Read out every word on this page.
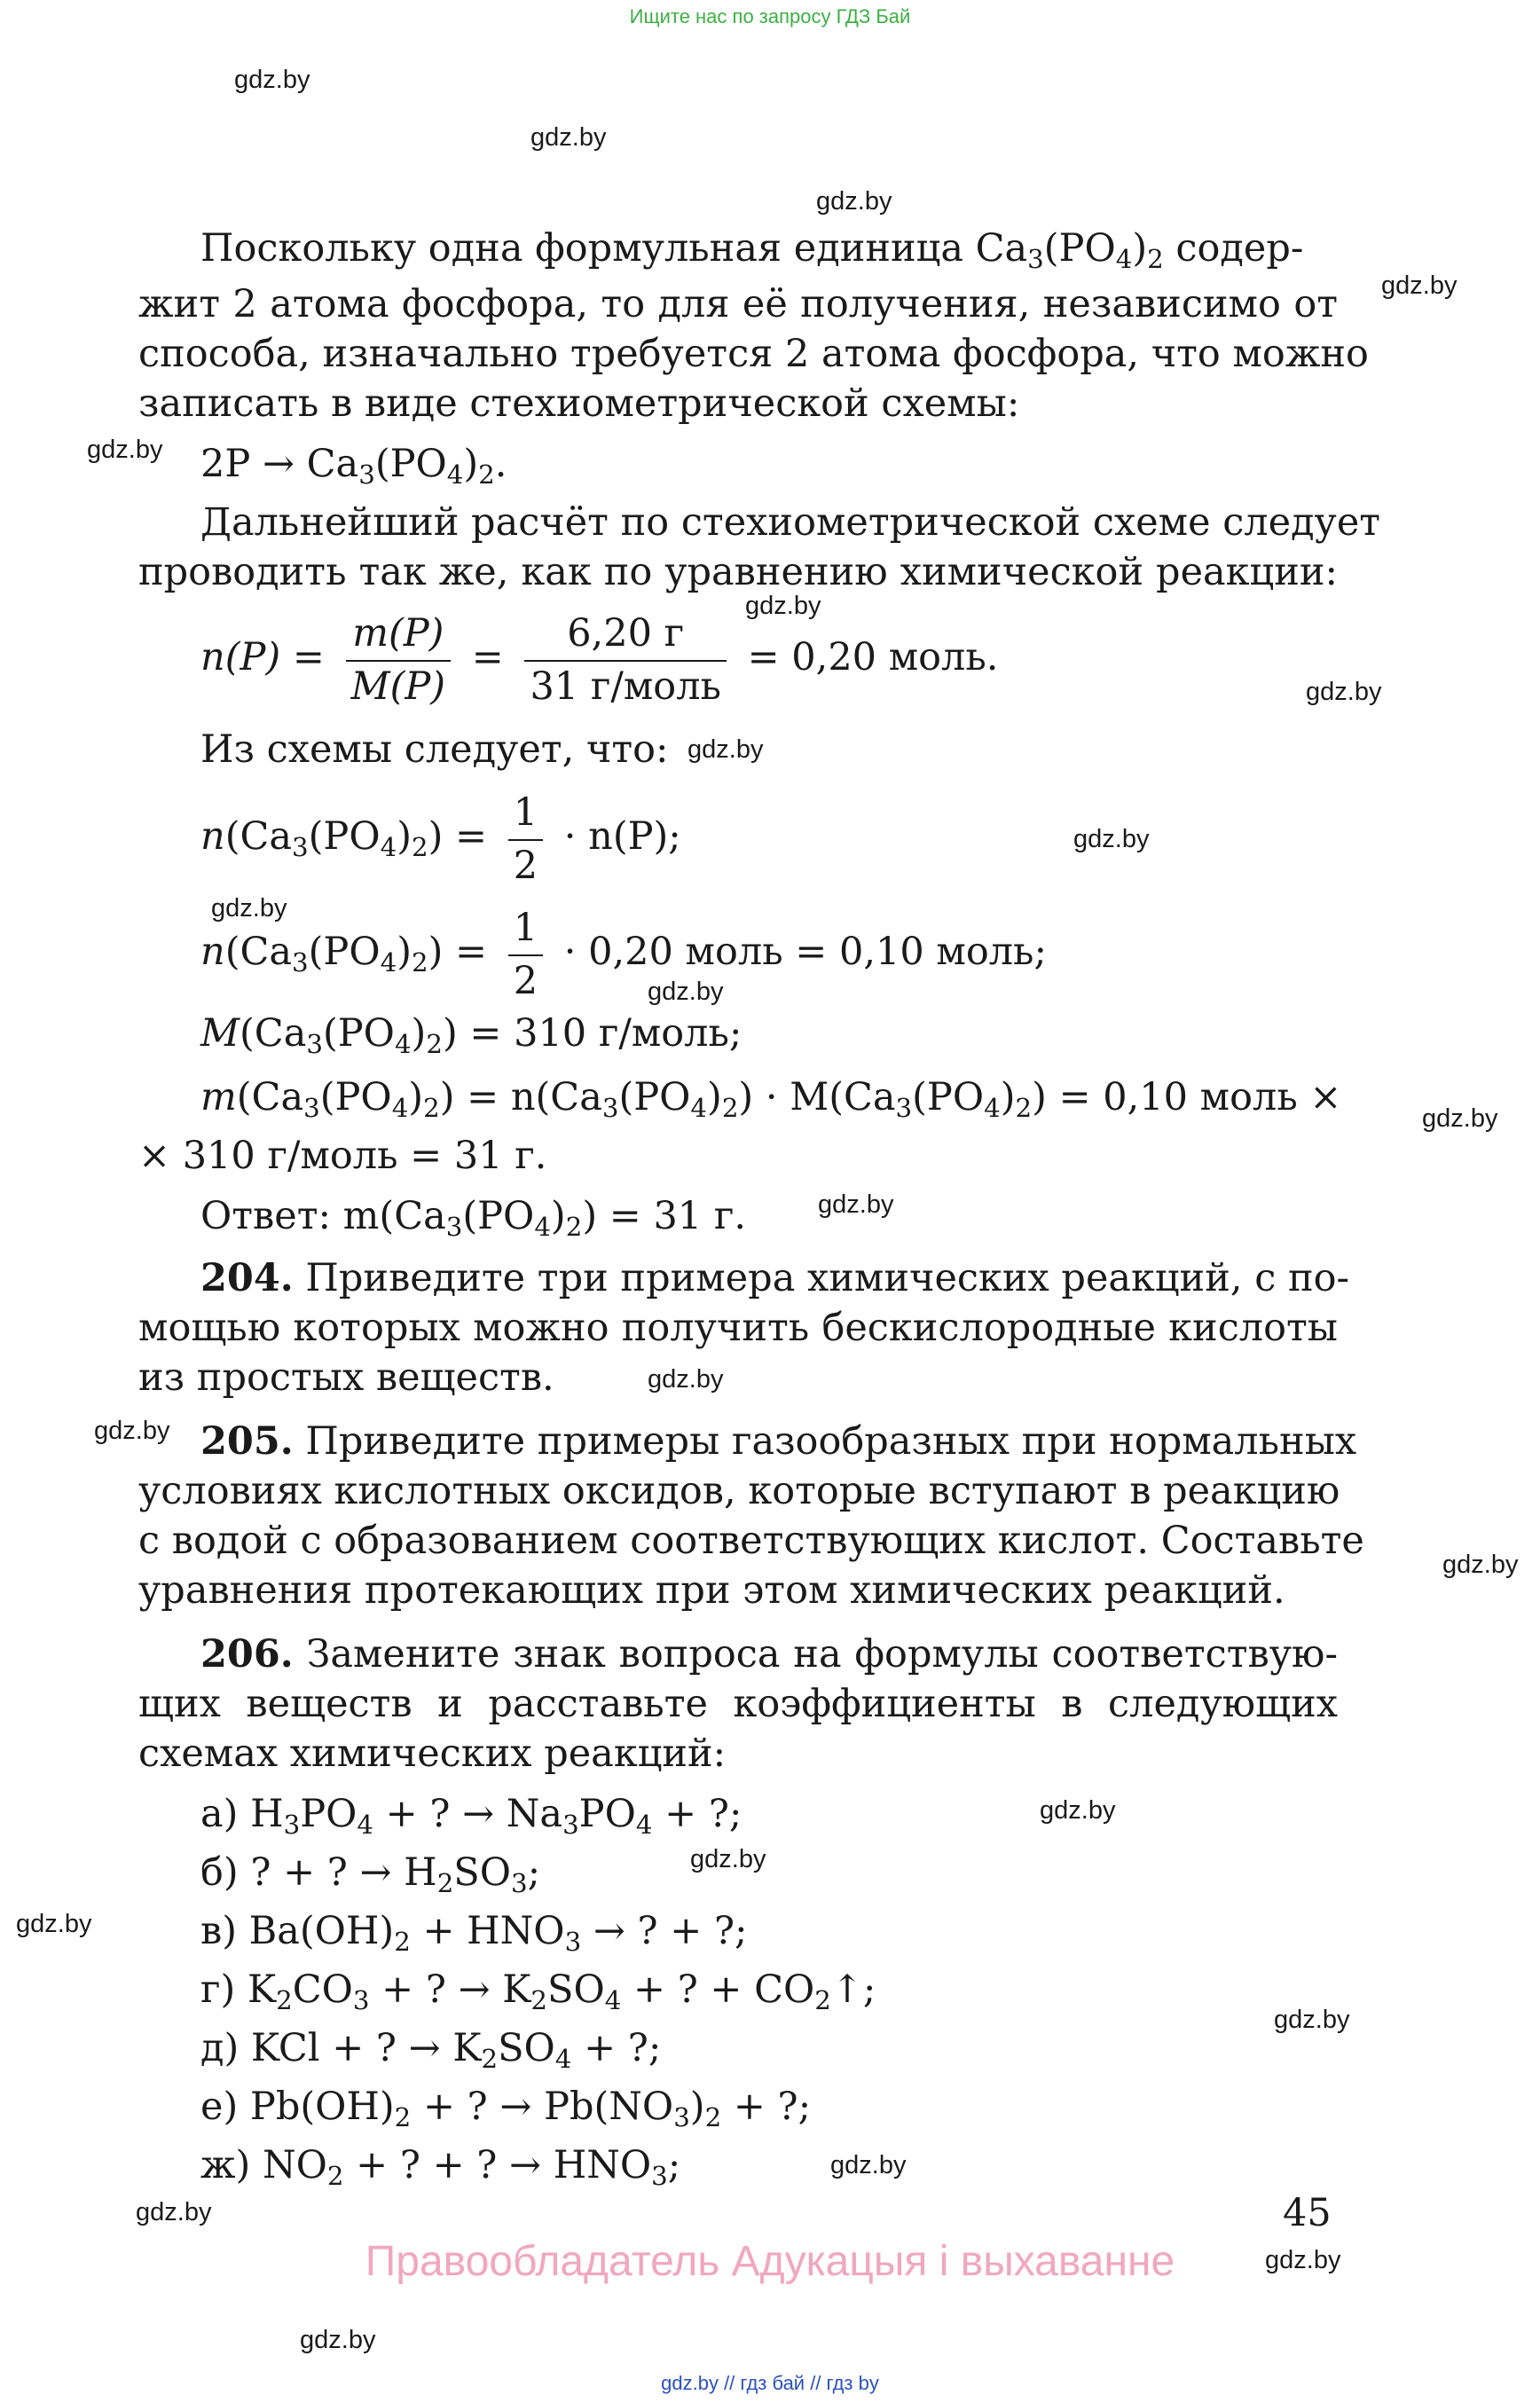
Ищите нас по запросу ГДЗ Бай
gdz.by
gdz.by
gdz.by
gdz.by
gdz.by
gdz.by
gdz.by
gdz.by
gdz.by
gdz.by
gdz.by
gdz.by
gdz.by
gdz.by
gdz.by
gdz.by
gdz.by
gdz.by
gdz.by
gdz.by
gdz.by
gdz.by
gdz.by
gdz.by
Поскольку одна формульная единица $Ca_3(PO_4)_2$ содер-
жит 2 атома фосфора, то для её получения, независимо от
способа, изначально требуется 2 атома фосфора, что можно
записать в виде стехиометрической схемы:
$2P \to Ca_3(PO_4)_2$.
Дальнейший расчёт по стехиометрической схеме следует
проводить так же, как по уравнению химической реакции:
$n(P) = \frac{m(P)}{M(P)} = \frac{6,20 г}{\text{31 г/моль}} = 0,20$ моль.
Из схемы следует, что:
$n(Ca_3(PO_4)_2) = \frac{1}{2} \cdot n(P)$;
$n(Ca_3(PO_4)_2) = \frac{1}{2} \cdot 0,20$ моль = 0,10 моль;
$M(Ca_3(PO_4)_2) = 310$ г/моль;
$m(Ca_3(PO_4)_2) = n(Ca_3(PO_4)_2) \cdot M(Ca_3(PO_4)_2) = 0,10$ моль ×
× 310 г/моль = 31 г.
Ответ: $m(Ca_3(PO_4)_2) = 31$ г.
204. Приведите три примера химических реакций, с по-
мощью которых можно получить бескислородные кислоты
из простых веществ.
205. Приведите примеры газообразных при нормальных
условиях кислотных оксидов, которые вступают в реакцию
с водой с образованием соответствующих кислот. Составьте
уравнения протекающих при этом химических реакций.
206. Замените знак вопроса на формулы соответствую-
щих веществ и расставьте коэффициенты в следующих
схемах химических реакций:
а) $H_3PO_4$ + ? → $Na_3PO_4$ + ?;
б) ? + ? → $H_2SO_3$;
в) $Ba(OH)_2 + HNO_3$ → ? + ?;
г) $K_2CO_3$ + ? → $K_2SO_4$ + ? + $CO_2↑$;
д) KCl + ? → $K_2SO_4$ + ?;
е) $Pb(OH)_2$ + ? → $Pb(NO_3)_2$ + ?;
ж) $NO_2$ + ? + ? → $HNO_3$;
45
Правообладатель Адукацыя і выхаванне
gdz.by // гдз бай // гдз by
